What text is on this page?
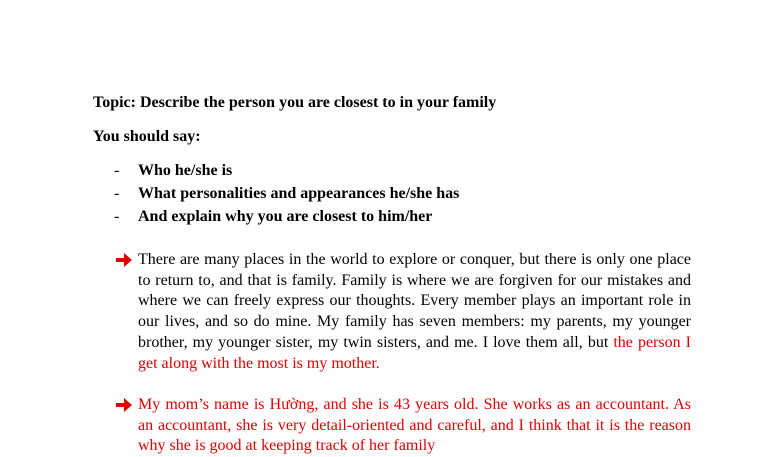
Topic: Describe the person you are closest to in your family
You should say:
- Who he/she is
- What personalities and appearances he/she has
- And explain why you are closest to him/her
There are many places in the world to explore or conquer, but there is only one place to return to, and that is family. Family is where we are forgiven for our mistakes and where we can freely express our thoughts. Every member plays an important role in our lives, and so do mine. My family has seven members: my parents, my younger brother, my younger sister, my twin sisters, and me. I love them all, but the person I get along with the most is my mother.
My mom’s name is Hường, and she is 43 years old. She works as an accountant. As an accountant, she is very detail-oriented and careful, and I think that it is the reason why she is good at keeping track of her family
